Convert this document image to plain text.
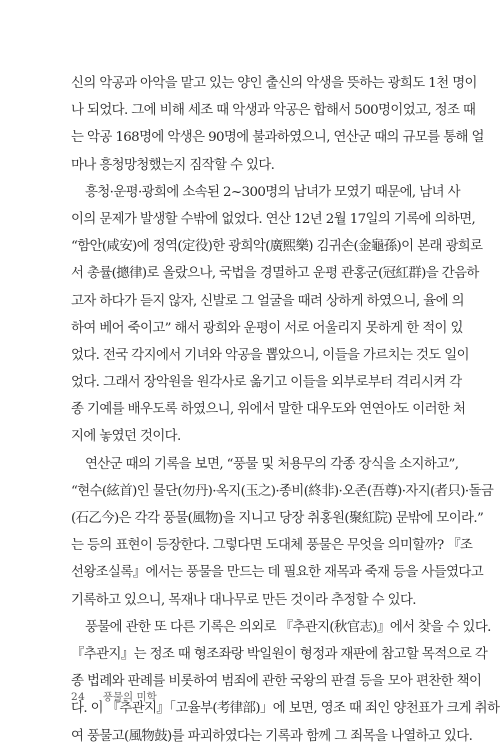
신의 악공과 아악을 맡고 있는 양인 출신의 악생을 뜻하는 광희도 1천 명이
나 되었다. 그에 비해 세조 때 악생과 악공은 합해서 500명이었고, 정조 때
는 악공 168명에 악생은 90명에 불과하였으니, 연산군 때의 규모를 통해 얼
마나 흥청망청했는지 짐작할 수 있다.
흥청·운평·광희에 소속된 2~300명의 남녀가 모였기 때문에, 남녀 사
이의 문제가 발생할 수밖에 없었다. 연산 12년 2월 17일의 기록에 의하면,
“함안(咸安)에 정역(定役)한 광희악(廣熙樂) 김귀손(金龜孫)이 본래 광희로
서 총률(摠律)로 올랐으나, 국법을 경멸하고 운평 관홍군(冠紅群)을 간음하
고자 하다가 듣지 않자, 신발로 그 얼굴을 때려 상하게 하였으니, 율에 의
하여 베어 죽이고” 해서 광희와 운평이 서로 어울리지 못하게 한 적이 있
었다. 전국 각지에서 기녀와 악공을 뽑았으니, 이들을 가르치는 것도 일이
었다. 그래서 장악원을 원각사로 옮기고 이들을 외부로부터 격리시켜 각
종 기예를 배우도록 하였으니, 위에서 말한 대우도와 연연아도 이러한 처
지에 놓였던 것이다.
연산군 때의 기록을 보면, “풍물 및 처용무의 각종 장식을 소지하고”,
“현수(絃首)인 물단(勿丹)·옥지(玉之)·종비(終非)·오존(吾尊)·자지(者只)·돌금
(石乙今)은 각각 풍물(風物)을 지니고 당장 취홍원(聚紅院) 문밖에 모이라.”
는 등의 표현이 등장한다. 그렇다면 도대체 풍물은 무엇을 의미할까? 『조
선왕조실록』에서는 풍물을 만드는 데 필요한 재목과 죽재 등을 사들였다고
기록하고 있으니, 목재나 대나무로 만든 것이라 추정할 수 있다.
풍물에 관한 또 다른 기록은 의외로 『추관지(秋官志)』에서 찾을 수 있다.
『추관지』는 정조 때 형조좌랑 박일원이 형정과 재판에 참고할 목적으로 각
종 법례와 판례를 비롯하여 범죄에 관한 국왕의 판결 등을 모아 편찬한 책이
다. 이 『추관지』「고율부(考律部)」에 보면, 영조 때 죄인 양천표가 크게 취하
여 풍물고(風物鼓)를 파괴하였다는 기록과 함께 그 죄목을 나열하고 있다.
24 풍물의 미학
